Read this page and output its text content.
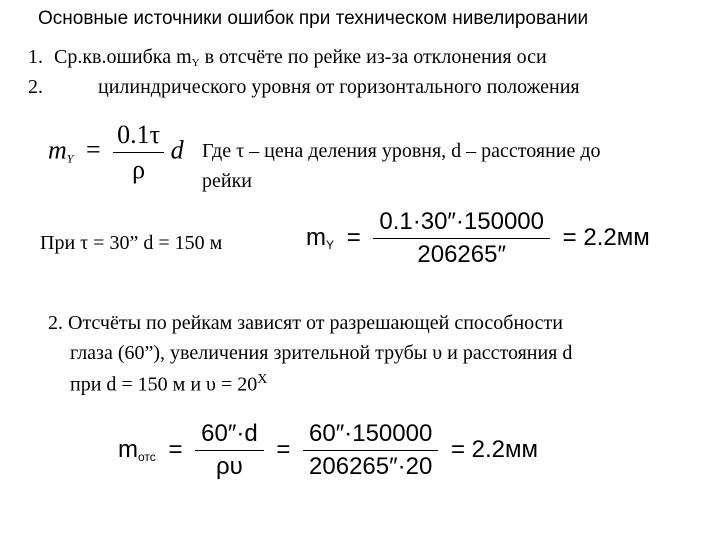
Основные источники ошибок при техническом нивелировании
1. Ср.кв.ошибка $m_Y$ в отсчёте по рейке из-за отклонения оси
2.	цилиндрического уровня от горизонтального положения
mY = $\frac{0.1\tau}{\rho}$ d Где τ – цена деления уровня, d – расстояние до
рейки
При τ = 30” d = 150 м	mY = $\frac{0.1\cdot 30''\cdot 150000}{206265''} = 2.2мм$
2. Отсчёты по рейкам зависят от разрешающей способности
глаза (60”), увеличения зрительной трубы υ и расстояния d
при d = 150 м и $\upsilon = 20^X$
mотс = $\frac{60''\cdot d}{\rho\upsilon} = \frac{60''\cdot 150000}{206265''\cdot 20} = 2.2мм$
